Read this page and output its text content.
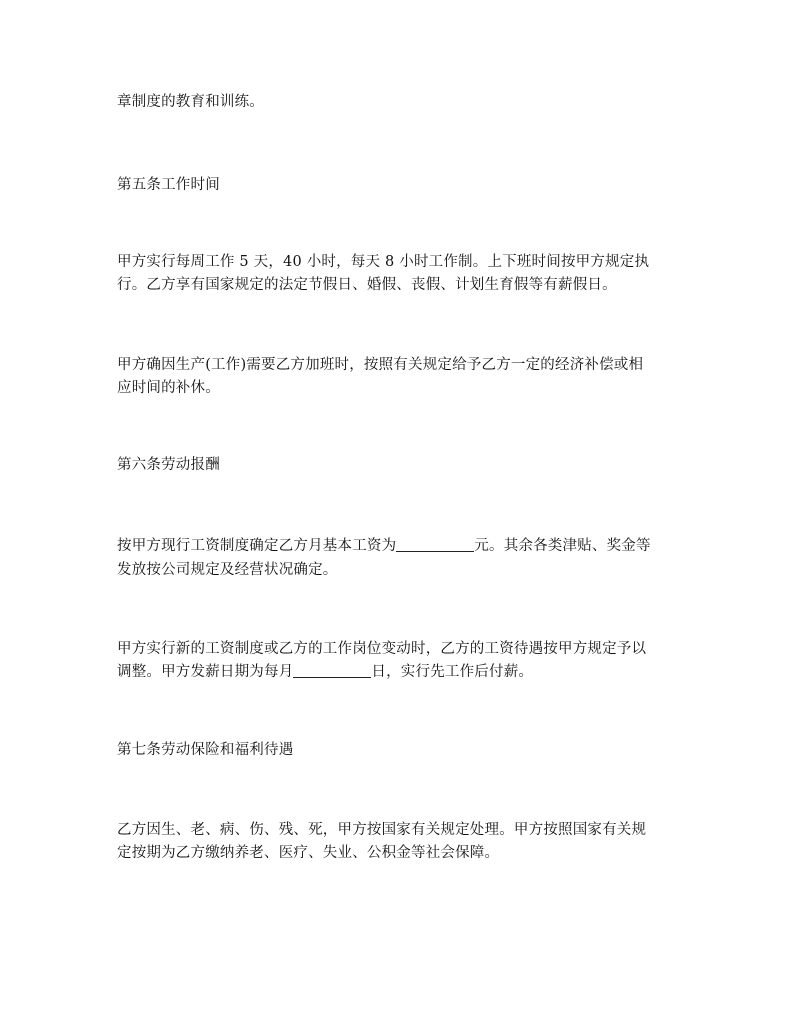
章制度的教育和训练。
第五条工作时间
甲方实行每周工作 5 天，40 小时，每天 8 小时工作制。上下班时间按甲方规定执
行。乙方享有国家规定的法定节假日、婚假、丧假、计划生育假等有薪假日。
甲方确因生产(工作)需要乙方加班时，按照有关规定给予乙方一定的经济补偿或相
应时间的补休。
第六条劳动报酬
按甲方现行工资制度确定乙方月基本工资为	元。其余各类津贴、奖金等
发放按公司规定及经营状况确定。
甲方实行新的工资制度或乙方的工作岗位变动时，乙方的工资待遇按甲方规定予以
调整。甲方发薪日期为每月	日，实行先工作后付薪。
第七条劳动保险和福利待遇
乙方因生、老、病、伤、残、死，甲方按国家有关规定处理。甲方按照国家有关规
定按期为乙方缴纳养老、医疗、失业、公积金等社会保障。
